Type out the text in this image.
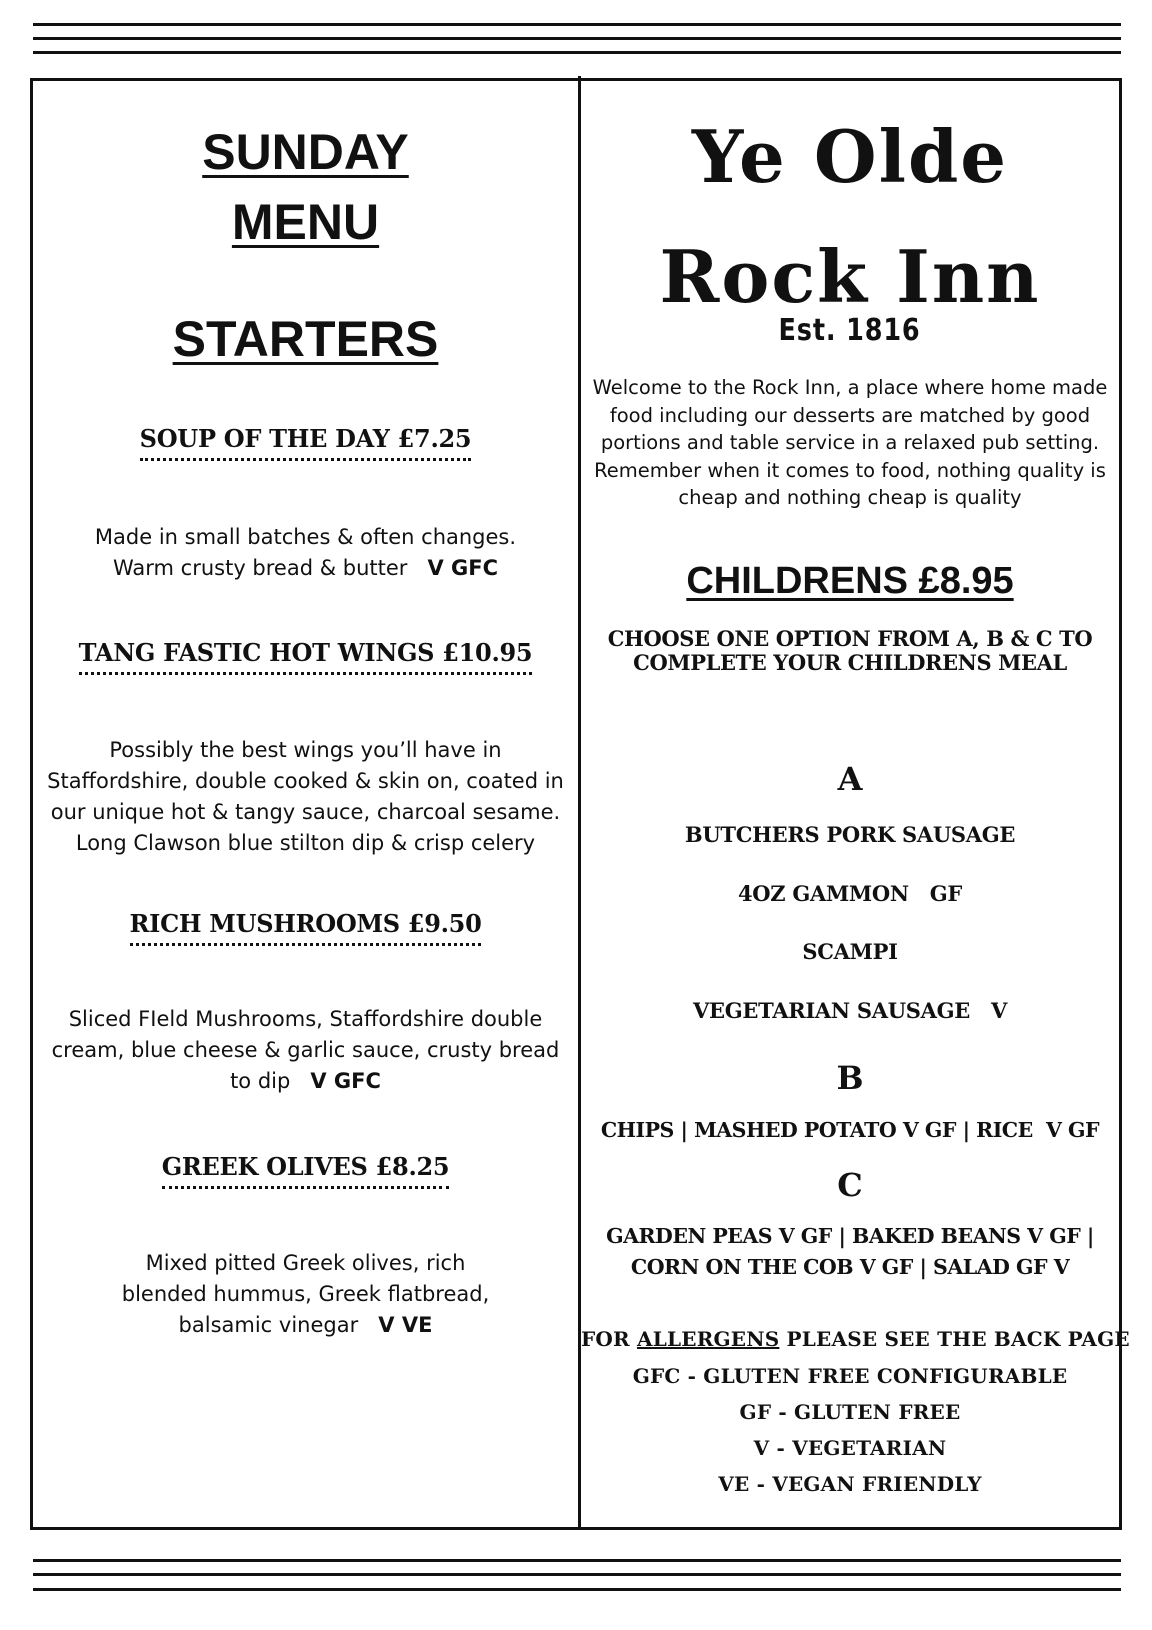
SUNDAY
MENU
STARTERS
SOUP OF THE DAY £7.25

Made in small batches & often changes.
Warm crusty bread & butter V GFC

TANG FASTIC HOT WINGS £10.95

Possibly the best wings you’ll have in
Staffordshire, double cooked & skin on, coated in
our unique hot & tangy sauce, charcoal sesame.
Long Clawson blue stilton dip & crisp celery

RICH MUSHROOMS £9.50

Sliced FIeld Mushrooms, Staffordshire double
cream, blue cheese & garlic sauce, crusty bread
to dip V GFC

GREEK OLIVES £8.25

Mixed pitted Greek olives, rich
blended hummus, Greek flatbread,
balsamic vinegar V VE

Ye Olde
Rock Inn
Est. 1816

Welcome to the Rock Inn, a place where home made
food including our desserts are matched by good
portions and table service in a relaxed pub setting.
Remember when it comes to food, nothing quality is
cheap and nothing cheap is quality

CHILDRENS £8.95
CHOOSE ONE OPTION FROM A, B & C TO
COMPLETE YOUR CHILDRENS MEAL
A
BUTCHERS PORK SAUSAGE
4OZ GAMMON   GF
SCAMPI
VEGETARIAN SAUSAGE   V
B
CHIPS | MASHED POTATO V GF | RICE  V GF
C
GARDEN PEAS V GF | BAKED BEANS V GF |
CORN ON THE COB V GF | SALAD GF V
FOR ALLERGENS PLEASE SEE THE BACK PAGE
GFC - GLUTEN FREE CONFIGURABLE
GF - GLUTEN FREE
V - VEGETARIAN
VE - VEGAN FRIENDLY
